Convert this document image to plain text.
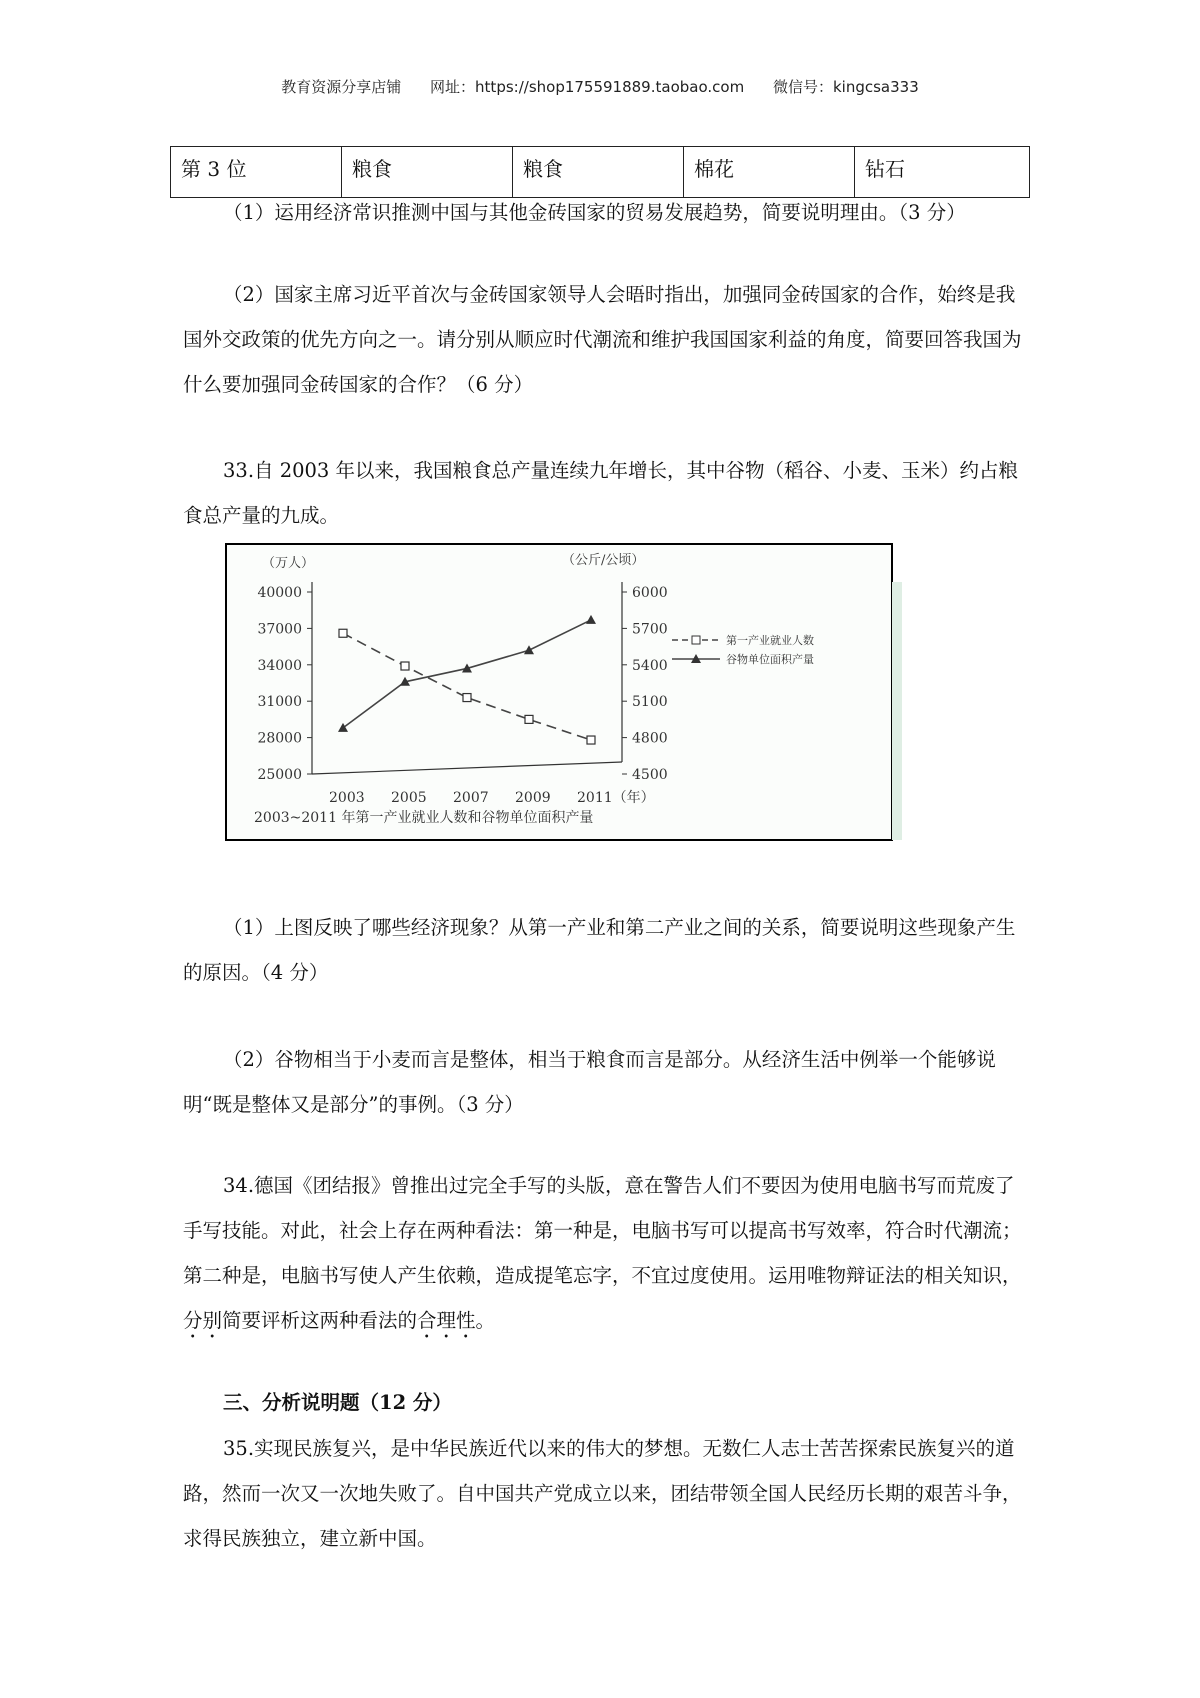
教育资源分享店铺 网址：https://shop175591889.taobao.com 微信号：kingcsa333
第 3 位	粮食	粮食	棉花	钻石
（1）运用经济常识推测中国与其他金砖国家的贸易发展趋势，简要说明理由。（3 分）
（2）国家主席习近平首次与金砖国家领导人会晤时指出，加强同金砖国家的合作，始终是我国外交政策的优先方向之一。请分别从顺应时代潮流和维护我国国家利益的角度，简要回答我国为什么要加强同金砖国家的合作？（6 分）
33.自 2003 年以来，我国粮食总产量连续九年增长，其中谷物（稻谷、小麦、玉米）约占粮食总产量的九成。
25000
28000
31000
34000
37000
40000
（万人）
4500
4800
5100
5400
5700
6000
（公斤/公顷）
2003 2005 2007 2009 2011（年）
第一产业就业人数
谷物单位面积产量
2003~2011 年第一产业就业人数和谷物单位面积产量
（1）上图反映了哪些经济现象？从第一产业和第二产业之间的关系，简要说明这些现象产生的原因。（4 分）
（2）谷物相当于小麦而言是整体，相当于粮食而言是部分。从经济生活中例举一个能够说明“既是整体又是部分”的事例。（3 分）
34.德国《团结报》曾推出过完全手写的头版，意在警告人们不要因为使用电脑书写而荒废了手写技能。对此，社会上存在两种看法：第一种是，电脑书写可以提高书写效率，符合时代潮流；第二种是，电脑书写使人产生依赖，造成提笔忘字，不宜过度使用。运用唯物辩证法的相关知识，分别简要评析这两种看法的合理性。
三、分析说明题（12 分）
35.实现民族复兴，是中华民族近代以来的伟大的梦想。无数仁人志士苦苦探索民族复兴的道路，然而一次又一次地失败了。自中国共产党成立以来，团结带领全国人民经历长期的艰苦斗争，求得民族独立，建立新中国。
